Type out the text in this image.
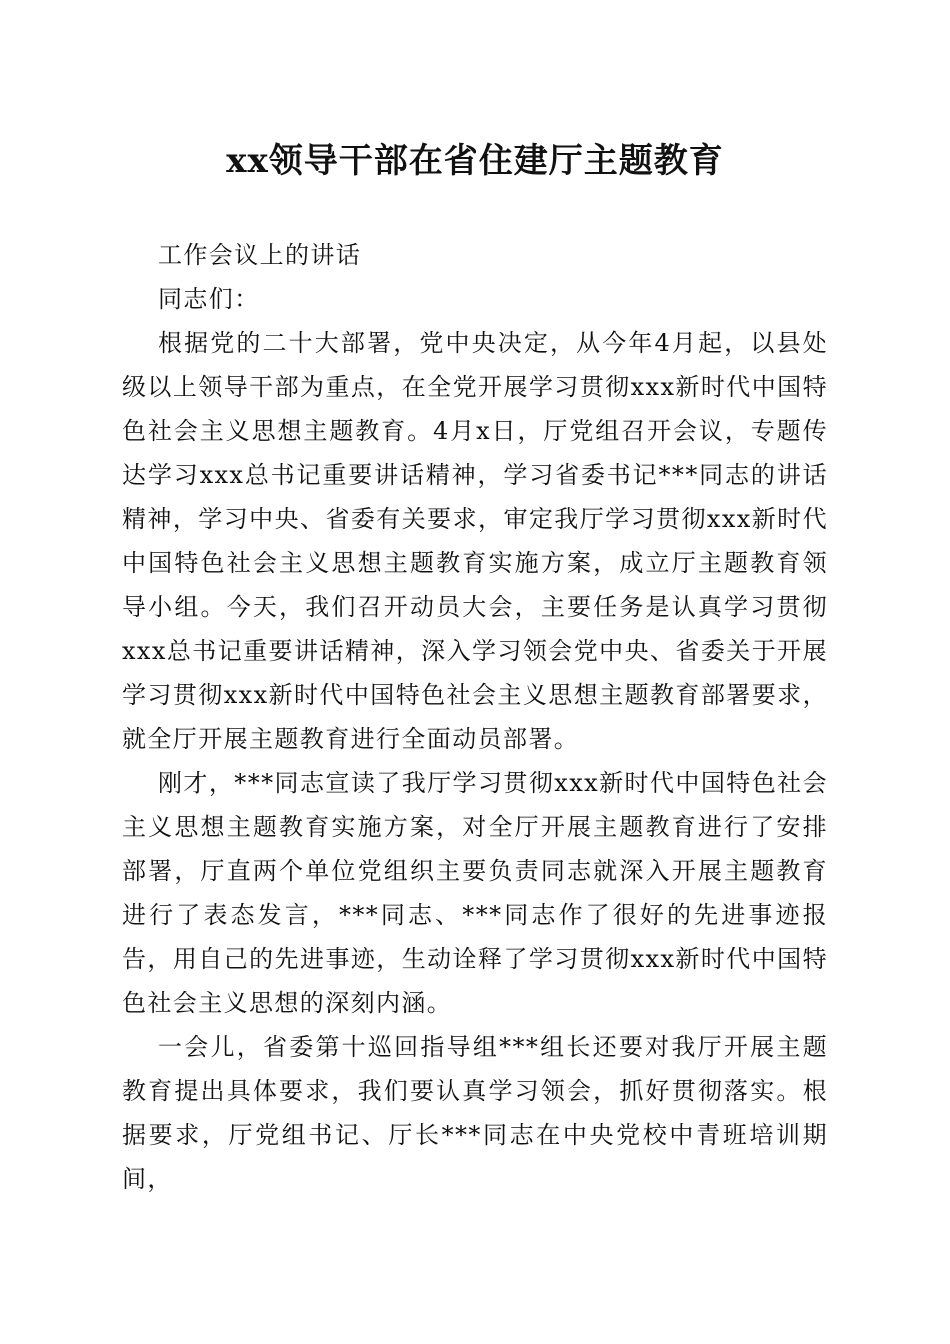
xx领导干部在省住建厅主题教育

工作会议上的讲话

同志们：

根据党的二十大部署，党中央决定，从今年4月起，以县处级以上领导干部为重点，在全党开展学习贯彻xxx新时代中国特色社会主义思想主题教育。4月x日，厅党组召开会议，专题传达学习xxx总书记重要讲话精神，学习省委书记***同志的讲话精神，学习中央、省委有关要求，审定我厅学习贯彻xxx新时代中国特色社会主义思想主题教育实施方案，成立厅主题教育领导小组。今天，我们召开动员大会，主要任务是认真学习贯彻xxx总书记重要讲话精神，深入学习领会党中央、省委关于开展学习贯彻xxx新时代中国特色社会主义思想主题教育部署要求，就全厅开展主题教育进行全面动员部署。

刚才，***同志宣读了我厅学习贯彻xxx新时代中国特色社会主义思想主题教育实施方案，对全厅开展主题教育进行了安排部署，厅直两个单位党组织主要负责同志就深入开展主题教育进行了表态发言，***同志、***同志作了很好的先进事迹报告，用自己的先进事迹，生动诠释了学习贯彻xxx新时代中国特色社会主义思想的深刻内涵。

一会儿，省委第十巡回指导组***组长还要对我厅开展主题教育提出具体要求，我们要认真学习领会，抓好贯彻落实。根据要求，厅党组书记、厅长***同志在中央党校中青班培训期间，
